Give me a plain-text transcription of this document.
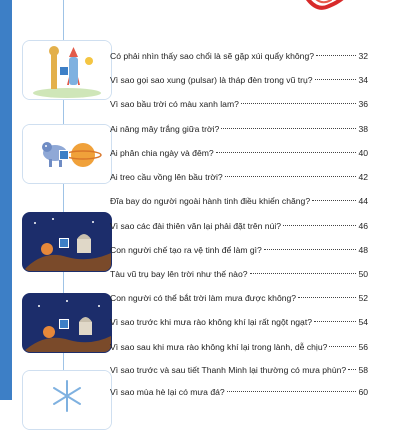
Có phải nhìn thấy sao chổi là sẽ gặp xúi quẩy không?	32
Vì sao gọi sao xung (pulsar) là tháp đèn trong vũ trụ?	34
Vì sao bầu trời có màu xanh lam?	36
Ai nâng mây trắng giữa trời?	38
Ai phân chia ngày và đêm?	40
Ai treo cầu vồng lên bầu trời?	42
Đĩa bay do người ngoài hành tinh điều khiển chăng?	44
Vì sao các đài thiên văn lại phải đặt trên núi?	46
Con người chế tạo ra vệ tinh để làm gì?	48
Tàu vũ trụ bay lên trời như thế nào?	50
Con người có thể bắt trời làm mưa được không?	52
Vì sao trước khi mưa rào không khí lại rất ngột ngạt?	54
Vì sao sau khi mưa rào không khí lại trong lành, dễ chịu?	56
Vì sao trước và sau tiết Thanh Minh lại thường có mưa phùn? 58
Vì sao mùa hè lại có mưa đá?	60
